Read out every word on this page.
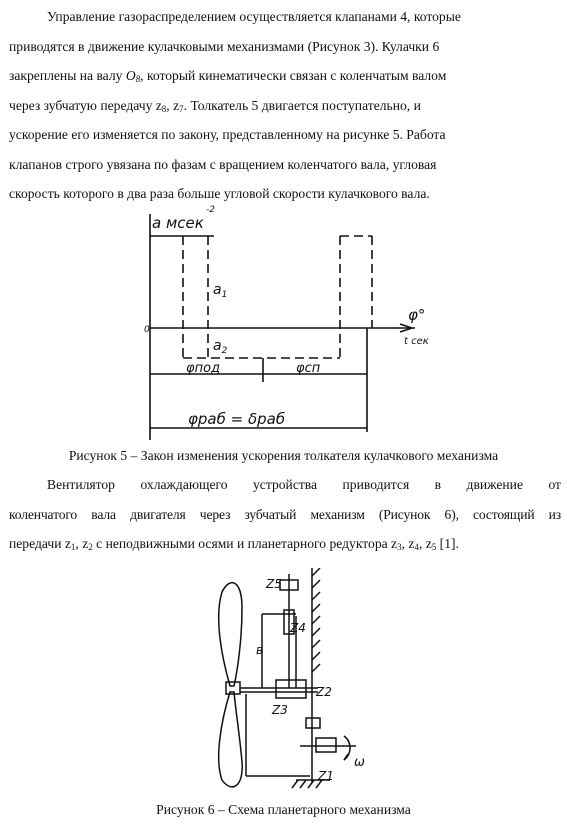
Управление газораспределением осуществляется клапанами 4, которые
приводятся в движение кулачковыми механизмами (Рисунок 3). Кулачки 6
закреплены на валу $O_8$, который кинематически связан с коленчатым валом
через зубчатую передачу $z_8$, $z_7$. Толкатель 5 двигается поступательно, и
ускорение его изменяется по закону, представленному на рисунке 5. Работа
клапанов строго увязана по фазам с вращением коленчатого вала, угловая
скорость которого в два раза больше угловой скорости кулачкового вала.
a мсек
-2
0
$a_1$
$a_2$
φ°
t сек
φпод	φсп
φраб = δраб

Рисунок 5 – Закон изменения ускорения толкателя кулачкового механизма

Вентилятор охлаждающего устройства приводится в движение от
коленчатого вала двигателя через зубчатый механизм (Рисунок 6), состоящий из
передачи $z_1$, $z_2$ с неподвижными осями и планетарного редуктора $z_3$, $z_4$, $z_5$ [1].
Z5
Z4
в
Z3
Z2
Z1
ω

Рисунок 6 – Схема планетарного механизма
